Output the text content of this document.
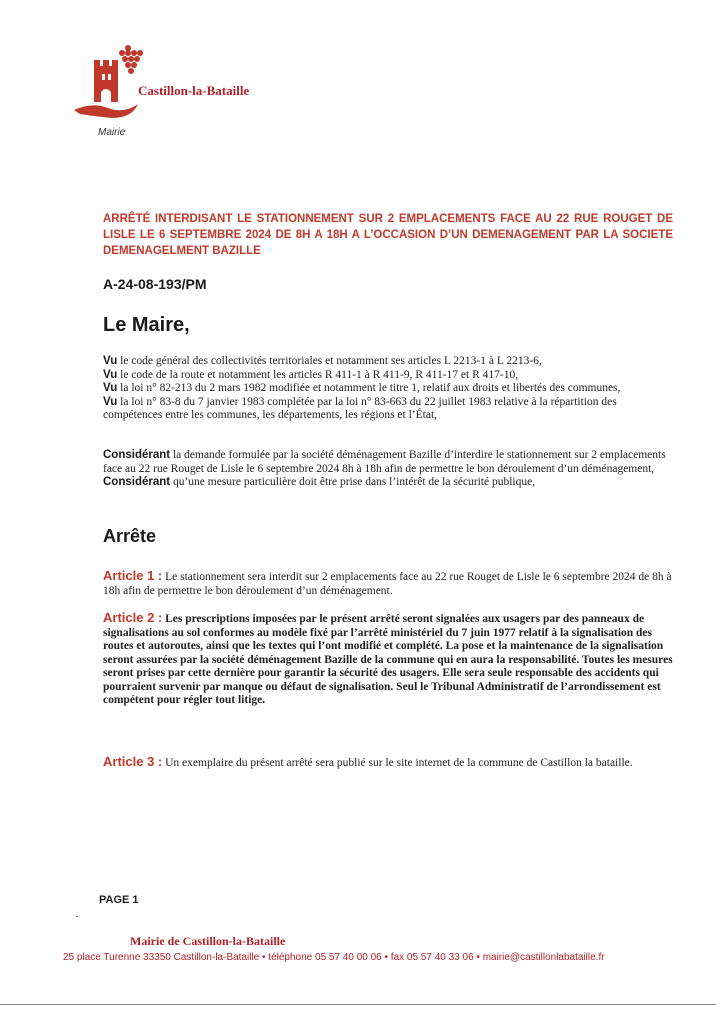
Castillon-la-Bataille
Mairie
ARRÊTÉ INTERDISANT LE STATIONNEMENT SUR 2 EMPLACEMENTS FACE AU 22 RUE ROUGET DE LISLE LE 6 SEPTEMBRE 2024 DE 8H A 18H A L’OCCASION D’UN DEMENAGEMENT PAR LA SOCIETE DEMENAGELMENT BAZILLE
A-24-08-193/PM
Le Maire,
Vu le code général des collectivités territoriales et notamment ses articles L 2213-1 à L 2213-6,
Vu le code de la route et notamment les articles R 411-1 à R 411-9, R 411-17 et R 417-10,
Vu la loi n° 82-213 du 2 mars 1982 modifiée et notamment le titre 1, relatif aux droits et libertés des communes,
Vu la loi n° 83-8 du 7 janvier 1983 complétée par la loi n° 83-663 du 22 juillet 1983 relative à la répartition des compétences entre les communes, les départements, les régions et l’État,
Considérant la demande formulée par la société déménagement Bazille d’interdire le stationnement sur 2 emplacements face au 22 rue Rouget de Lisle le 6 septembre 2024 8h à 18h afin de permettre le bon déroulement d’un déménagement,
Considérant qu’une mesure particulière doit être prise dans l’intérêt de la sécurité publique,
Arrête
Article 1 : Le stationnement sera interdit sur 2 emplacements face au 22 rue Rouget de Lisle le 6 septembre 2024 de 8h à 18h afin de permettre le bon déroulement d’un déménagement.
Article 2 : Les prescriptions imposées par le présent arrêté seront signalées aux usagers par des panneaux de signalisations au sol conformes au modèle fixé par l’arrêté ministériel du 7 juin 1977 relatif à la signalisation des routes et autoroutes, ainsi que les textes qui l’ont modifié et complété. La pose et la maintenance de la signalisation seront assurées par la société déménagement Bazille de la commune qui en aura la responsabilité. Toutes les mesures seront prises par cette dernière pour garantir la sécurité des usagers. Elle sera seule responsable des accidents qui pourraient survenir par manque ou défaut de signalisation. Seul le Tribunal Administratif de l’arrondissement est compétent pour régler tout litige.
Article 3 : Un exemplaire du présent arrêté sera publié sur le site internet de la commune de Castillon la bataille.
PAGE 1
Mairie de Castillon-la-Bataille
25 place Turenne 33350 Castillon-la-Bataille • téléphone 05 57 40 00 06 • fax 05 57 40 33 06 • mairie@castillonlabataille.fr
